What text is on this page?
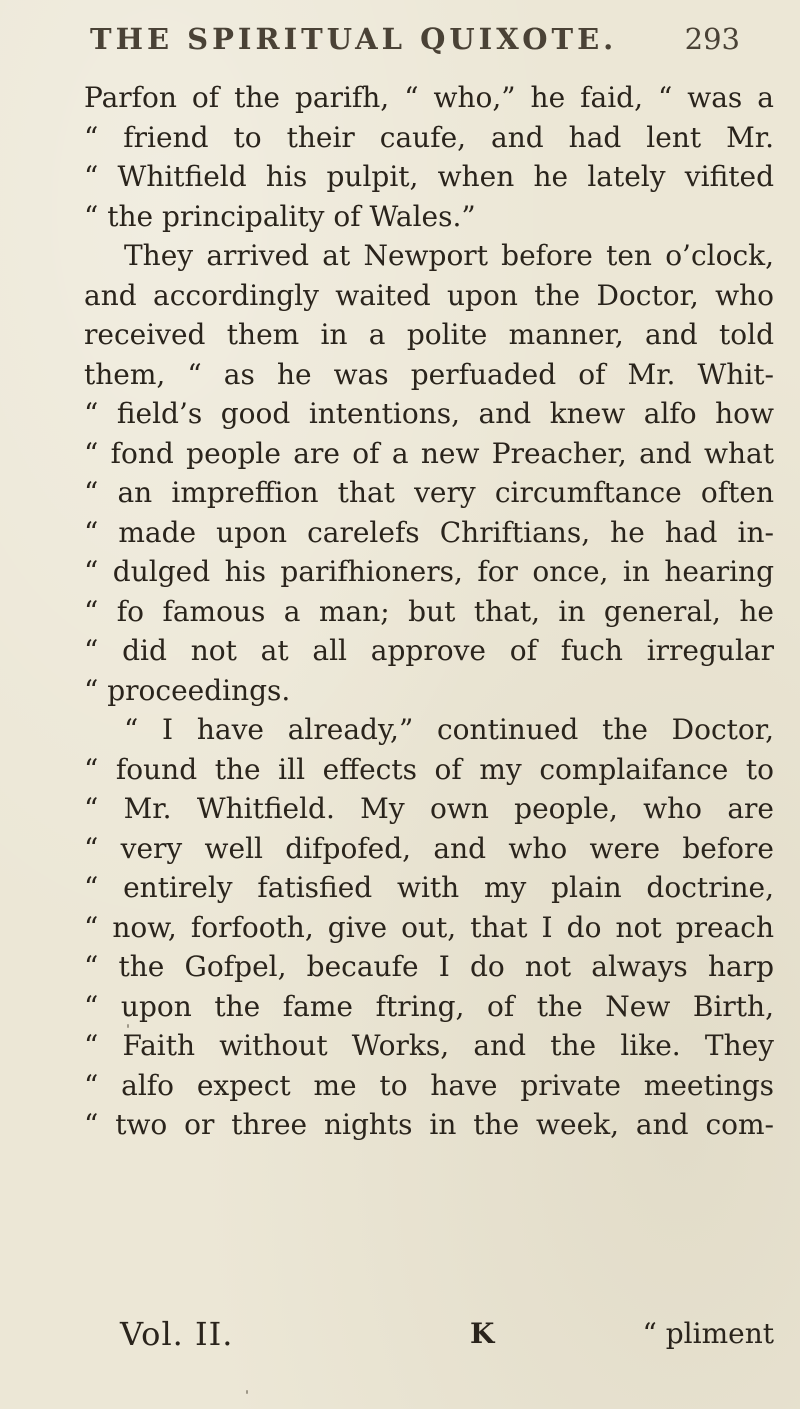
THE SPIRITUAL QUIXOTE. 293
Parfon of the parifh, “ who,” he faid, “ was a
“ friend to their caufe, and had lent Mr.
“ Whitfield his pulpit, when he lately vifited
“ the principality of Wales.”
They arrived at Newport before ten o’clock,
and accordingly waited upon the Doctor, who
received them in a polite manner, and told
them, “ as he was perfuaded of Mr. Whit-
“ field’s good intentions, and knew alfo how
“ fond people are of a new Preacher, and what
“ an impreffion that very circumftance often
“ made upon carelefs Chriftians, he had in-
“ dulged his parifhioners, for once, in hearing
“ fo famous a man; but that, in general, he
“ did not at all approve of fuch irregular
“ proceedings.
“ I have already,” continued the Doctor,
“ found the ill effects of my complaifance to
“ Mr. Whitfield. My own people, who are
“ very well difpofed, and who were before
“ entirely fatisfied with my plain doctrine,
“ now, forfooth, give out, that I do not preach
“ the Gofpel, becaufe I do not always harp
“ upon the fame ftring, of the New Birth,
“ Faith without Works, and the like. They
“ alfo expect me to have private meetings
“ two or three nights in the week, and com-
Vol. II.	K	“ pliment
